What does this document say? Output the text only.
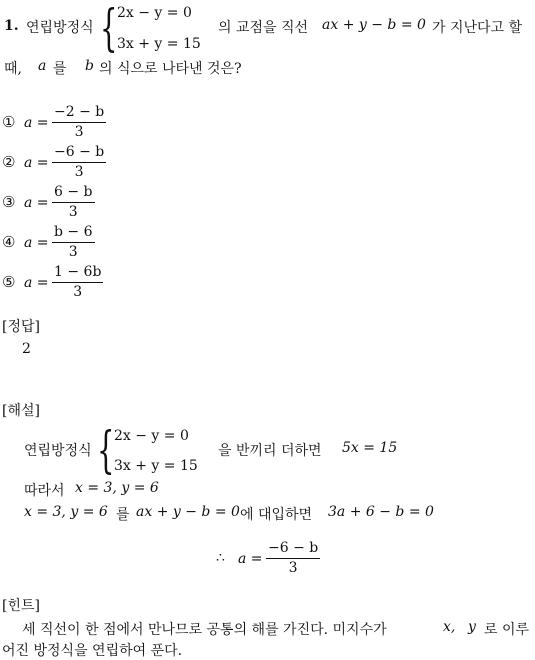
1. 연립방정식 { 2x − y = 0
3x + y = 15
의 교점을 직선 ax + y − b = 0 가 지난다고 할
때, a 를 b 의 식으로 나타낸 것은?
① a =
−2 − b
3
② a =
−6 − b
3
③ a =
6 − b
3
④ a =
b − 6
3
⑤ a =
1 − 6b
3
[정답]
2
[해설]
연립방정식 { 2x − y = 0
3x + y = 15
을 반끼리 더하면 5x = 15
따라서 x = 3, y = 6
x = 3, y = 6 를 ax + y − b = 0 에 대입하면 3a + 6 − b = 0
∴ a =
−6 − b
3
[힌트]
세 직선이 한 점에서 만나므로 공통의 해를 가진다. 미지수가	x, y 로 이루
어진 방정식을 연립하여 푼다.
